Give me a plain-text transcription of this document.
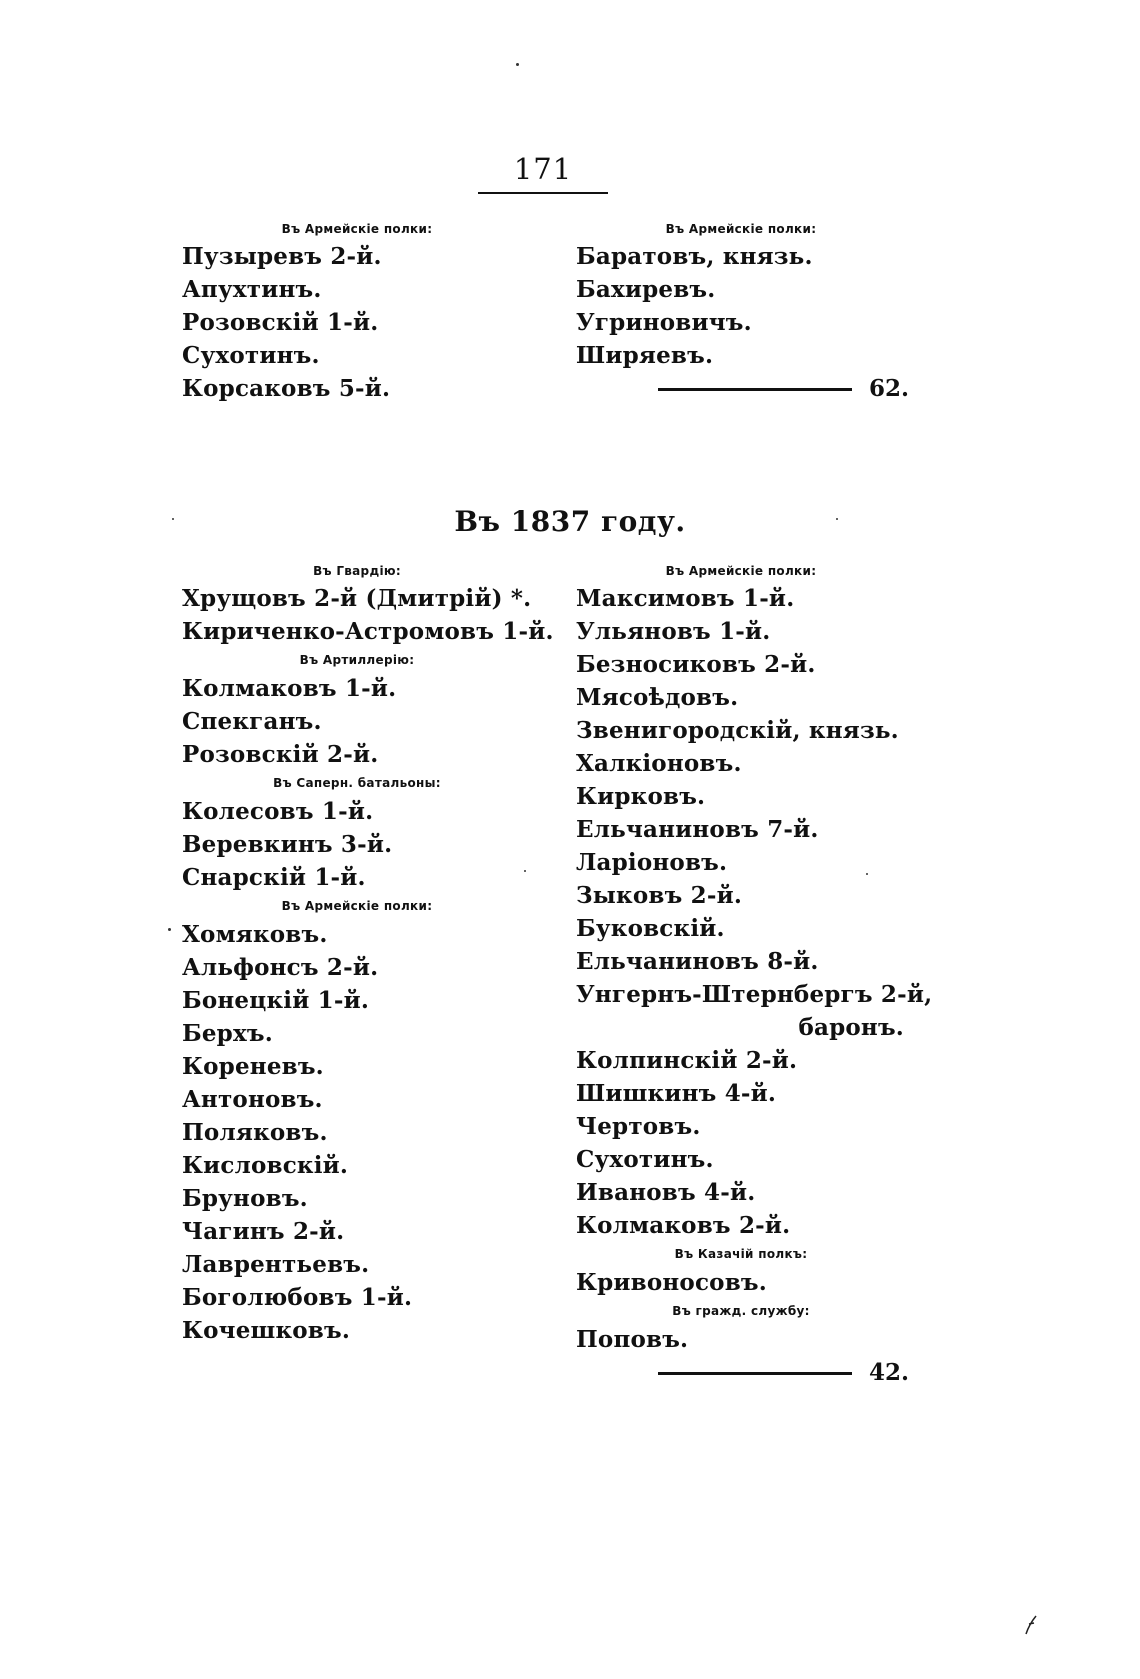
171
Въ Армейскiе полки:
Пузыревъ 2-й.
Апухтинъ.
Розовскiй 1-й.
Сухотинъ.
Корсаковъ 5-й.
Въ Армейскiе полки:
Баратовъ, князь.
Бахиревъ.
Угриновичъ.
Ширяевъ.
62.
Въ 1837 году.
Въ Гвардiю:
Хрущовъ 2-й (Дмитрiй) *.
Кириченко-Астромовъ 1-й.
Въ Артиллерiю:
Колмаковъ 1-й.
Спекганъ.
Розовскiй 2-й.
Въ Саперн. батальоны:
Колесовъ 1-й.
Веревкинъ 3-й.
Снарскiй 1-й.
Въ Армейскiе полки:
Хомяковъ.
Альфонсъ 2-й.
Бонецкiй 1-й.
Берхъ.
Кореневъ.
Антоновъ.
Поляковъ.
Кисловскiй.
Бруновъ.
Чагинъ 2-й.
Лаврентьевъ.
Боголюбовъ 1-й.
Кочешковъ.
Въ Армейскiе полки:
Максимовъ 1-й.
Ульяновъ 1-й.
Безносиковъ 2-й.
Мясоѣдовъ.
Звенигородскiй, князь.
Халкiоновъ.
Кирковъ.
Ельчаниновъ 7-й.
Ларiоновъ.
Зыковъ 2-й.
Буковскiй.
Ельчаниновъ 8-й.
Унгернъ-Штернбергъ 2-й,
баронъ.
Колпинскiй 2-й.
Шишкинъ 4-й.
Чертовъ.
Сухотинъ.
Ивановъ 4-й.
Колмаковъ 2-й.
Въ Казачiй полкъ:
Кривоносовъ.
Въ гражд. службу:
Поповъ.
42.
